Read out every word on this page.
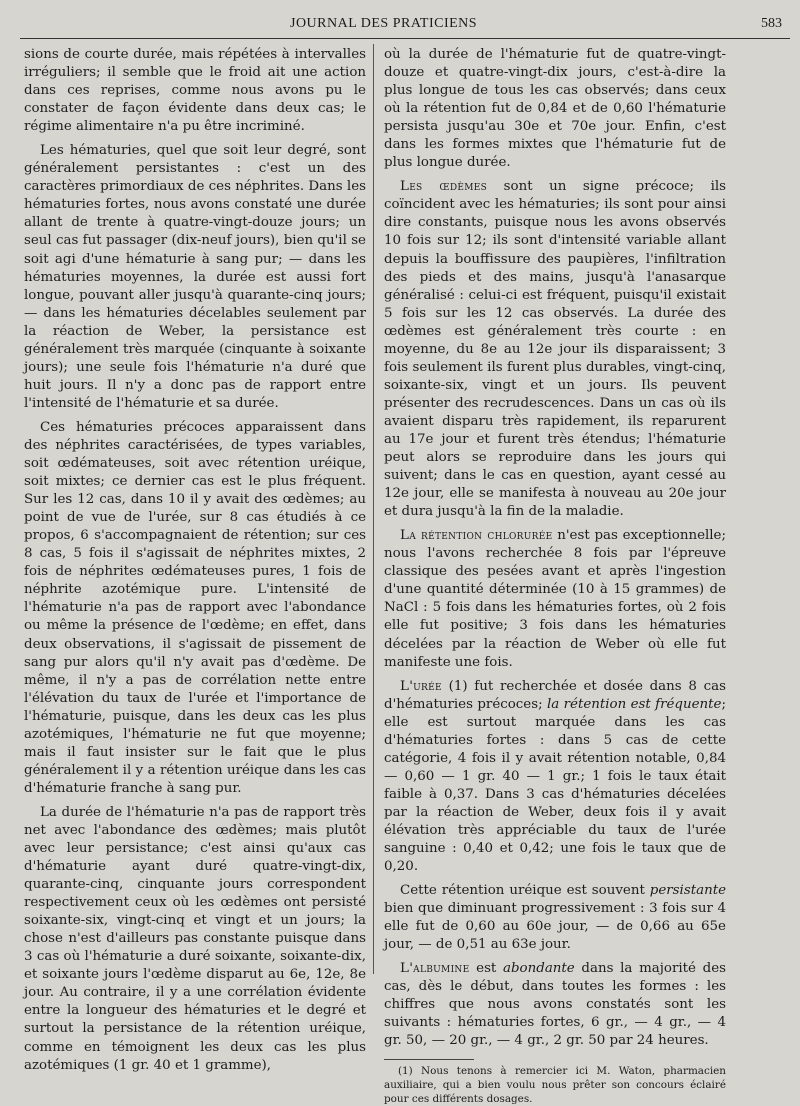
JOURNAL DES PRATICIENS	583

sions de courte durée, mais répétées à intervalles irréguliers; il semble que le froid ait une action dans ces reprises, comme nous avons pu le constater de façon évidente dans deux cas; le régime alimentaire n'a pu être incriminé.

Les hématuries, quel que soit leur degré, sont généralement persistantes : c'est un des caractères primordiaux de ces néphrites. Dans les hématuries fortes, nous avons constaté une durée allant de trente à quatre-vingt-douze jours; un seul cas fut passager (dix-neuf jours), bien qu'il se soit agi d'une hématurie à sang pur; — dans les hématuries moyennes, la durée est aussi fort longue, pouvant aller jusqu'à quarante-cinq jours; — dans les hématuries décelables seulement par la réaction de Weber, la persistance est généralement très marquée (cinquante à soixante jours); une seule fois l'hématurie n'a duré que huit jours. Il n'y a donc pas de rapport entre l'intensité de l'hématurie et sa durée.

Ces hématuries précoces apparaissent dans des néphrites caractérisées, de types variables, soit œdémateuses, soit avec rétention uréique, soit mixtes; ce dernier cas est le plus fréquent. Sur les 12 cas, dans 10 il y avait des œdèmes; au point de vue de l'urée, sur 8 cas étudiés à ce propos, 6 s'accompagnaient de rétention; sur ces 8 cas, 5 fois il s'agissait de néphrites mixtes, 2 fois de néphrites œdémateuses pures, 1 fois de néphrite azotémique pure. L'intensité de l'hématurie n'a pas de rapport avec l'abondance ou même la présence de l'œdème; en effet, dans deux observations, il s'agissait de pissement de sang pur alors qu'il n'y avait pas d'œdème. De même, il n'y a pas de corrélation nette entre l'élévation du taux de l'urée et l'importance de l'hématurie, puisque, dans les deux cas les plus azotémiques, l'hématurie ne fut que moyenne; mais il faut insister sur le fait que le plus généralement il y a rétention uréique dans les cas d'hématurie franche à sang pur.

La durée de l'hématurie n'a pas de rapport très net avec l'abondance des œdèmes; mais plutôt avec leur persistance; c'est ainsi qu'aux cas d'hématurie ayant duré quatre-vingt-dix, quarante-cinq, cinquante jours correspondent respectivement ceux où les œdèmes ont persisté soixante-six, vingt-cinq et vingt et un jours; la chose n'est d'ailleurs pas constante puisque dans 3 cas où l'hématurie a duré soixante, soixante-dix, et soixante jours l'œdème disparut au 6e, 12e, 8e jour. Au contraire, il y a une corrélation évidente entre la longueur des hématuries et le degré et surtout la persistance de la rétention uréique, comme en témoignent les deux cas les plus azotémiques (1 gr. 40 et 1 gramme),

où la durée de l'hématurie fut de quatre-vingt-douze et quatre-vingt-dix jours, c'est-à-dire la plus longue de tous les cas observés; dans ceux où la rétention fut de 0,84 et de 0,60 l'hématurie persista jusqu'au 30e et 70e jour. Enfin, c'est dans les formes mixtes que l'hématurie fut de plus longue durée.

Les œdèmes sont un signe précoce; ils coïncident avec les hématuries; ils sont pour ainsi dire constants, puisque nous les avons observés 10 fois sur 12; ils sont d'intensité variable allant depuis la bouffissure des paupières, l'infiltration des pieds et des mains, jusqu'à l'anasarque généralisé : celui-ci est fréquent, puisqu'il existait 5 fois sur les 12 cas observés. La durée des œdèmes est généralement très courte : en moyenne, du 8e au 12e jour ils disparaissent; 3 fois seulement ils furent plus durables, vingt-cinq, soixante-six, vingt et un jours. Ils peuvent présenter des recrudescences. Dans un cas où ils avaient disparu très rapidement, ils reparurent au 17e jour et furent très étendus; l'hématurie peut alors se reproduire dans les jours qui suivent; dans le cas en question, ayant cessé au 12e jour, elle se manifesta à nouveau au 20e jour et dura jusqu'à la fin de la maladie.

La rétention chlorurée n'est pas exceptionnelle; nous l'avons recherchée 8 fois par l'épreuve classique des pesées avant et après l'ingestion d'une quantité déterminée (10 à 15 grammes) de NaCl : 5 fois dans les hématuries fortes, où 2 fois elle fut positive; 3 fois dans les hématuries décelées par la réaction de Weber où elle fut manifeste une fois.

L'urée (1) fut recherchée et dosée dans 8 cas d'hématuries précoces; la rétention est fréquente; elle est surtout marquée dans les cas d'hématuries fortes : dans 5 cas de cette catégorie, 4 fois il y avait rétention notable, 0,84 — 0,60 — 1 gr. 40 — 1 gr.; 1 fois le taux était faible à 0,37. Dans 3 cas d'hématuries décelées par la réaction de Weber, deux fois il y avait élévation très appréciable du taux de l'urée sanguine : 0,40 et 0,42; une fois le taux que de 0,20.

Cette rétention uréique est souvent persistante bien que diminuant progressivement : 3 fois sur 4 elle fut de 0,60 au 60e jour, — de 0,66 au 65e jour, — de 0,51 au 63e jour.

L'albumine est abondante dans la majorité des cas, dès le début, dans toutes les formes : les chiffres que nous avons constatés sont les suivants : hématuries fortes, 6 gr., — 4 gr., — 4 gr. 50, — 20 gr., — 4 gr., 2 gr. 50 par 24 heures.

(1) Nous tenons à remercier ici M. Waton, pharmacien auxiliaire, qui a bien voulu nous prêter son concours éclairé pour ces différents dosages.
